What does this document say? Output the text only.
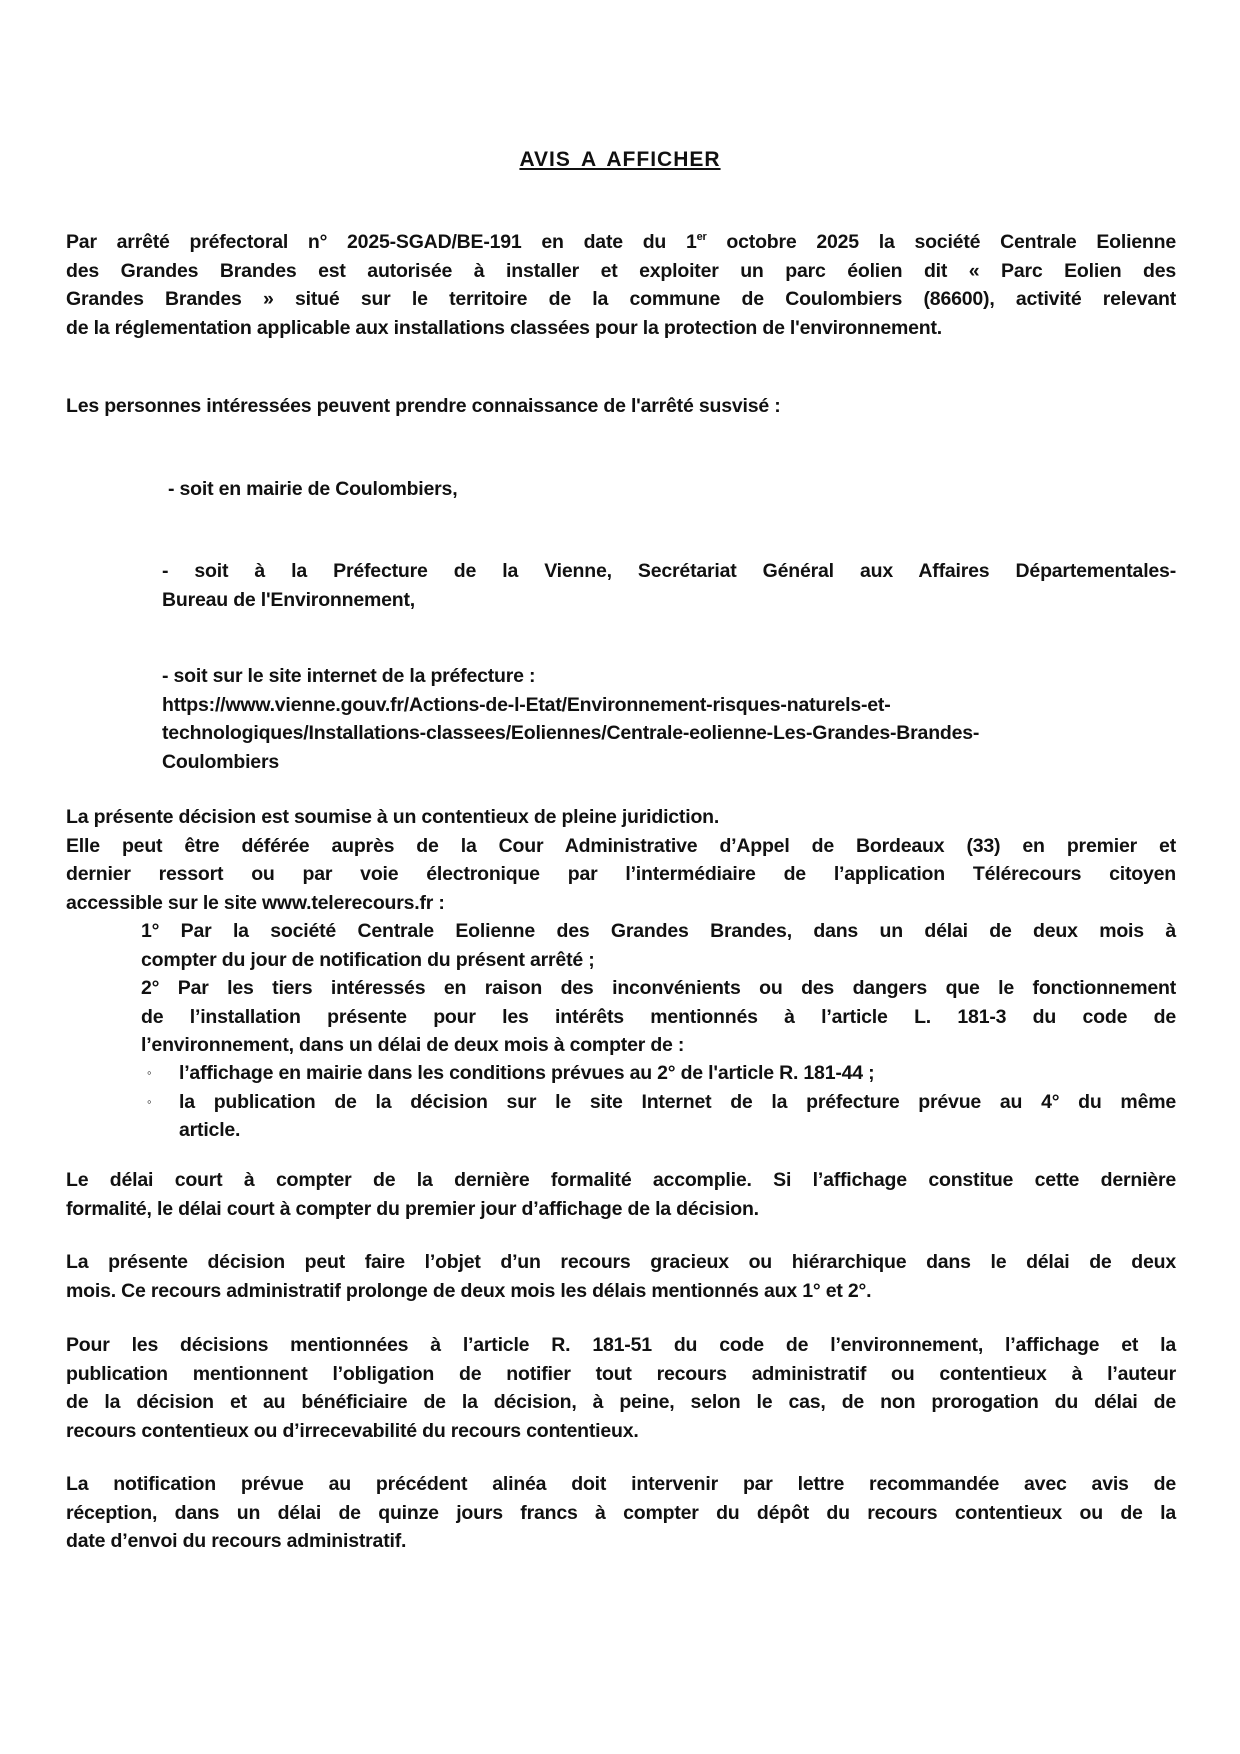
AVIS A AFFICHER
Par arrêté préfectoral n° 2025-SGAD/BE-191 en date du 1er octobre 2025 la société Centrale Eolienne
des Grandes Brandes est autorisée à installer et exploiter un parc éolien dit « Parc Eolien des
Grandes Brandes » situé sur le territoire de la commune de Coulombiers (86600), activité relevant
de la réglementation applicable aux installations classées pour la protection de l'environnement.
Les personnes intéressées peuvent prendre connaissance de l'arrêté susvisé :
- soit en mairie de Coulombiers,
- soit à la Préfecture de la Vienne, Secrétariat Général aux Affaires Départementales-
Bureau de l'Environnement,
- soit sur le site internet de la préfecture :
https://www.vienne.gouv.fr/Actions-de-l-Etat/Environnement-risques-naturels-et-
technologiques/Installations-classees/Eoliennes/Centrale-eolienne-Les-Grandes-Brandes-
Coulombiers
La présente décision est soumise à un contentieux de pleine juridiction.
Elle peut être déférée auprès de la Cour Administrative d’Appel de Bordeaux (33) en premier et
dernier ressort ou par voie électronique par l’intermédiaire de l’application Télérecours citoyen
accessible sur le site www.telerecours.fr :
1° Par la société Centrale Eolienne des Grandes Brandes, dans un délai de deux mois à
compter du jour de notification du présent arrêté ;
2° Par les tiers intéressés en raison des inconvénients ou des dangers que le fonctionnement
de l’installation présente pour les intérêts mentionnés à l’article L. 181-3 du code de
l’environnement, dans un délai de deux mois à compter de :
◦ l’affichage en mairie dans les conditions prévues au 2° de l'article R. 181-44 ;
◦ la publication de la décision sur le site Internet de la préfecture prévue au 4° du même
article.
Le délai court à compter de la dernière formalité accomplie. Si l’affichage constitue cette dernière
formalité, le délai court à compter du premier jour d’affichage de la décision.
La présente décision peut faire l’objet d’un recours gracieux ou hiérarchique dans le délai de deux
mois. Ce recours administratif prolonge de deux mois les délais mentionnés aux 1° et 2°.
Pour les décisions mentionnées à l’article R. 181-51 du code de l’environnement, l’affichage et la
publication mentionnent l’obligation de notifier tout recours administratif ou contentieux à l’auteur
de la décision et au bénéficiaire de la décision, à peine, selon le cas, de non prorogation du délai de
recours contentieux ou d’irrecevabilité du recours contentieux.
La notification prévue au précédent alinéa doit intervenir par lettre recommandée avec avis de
réception, dans un délai de quinze jours francs à compter du dépôt du recours contentieux ou de la
date d’envoi du recours administratif.
